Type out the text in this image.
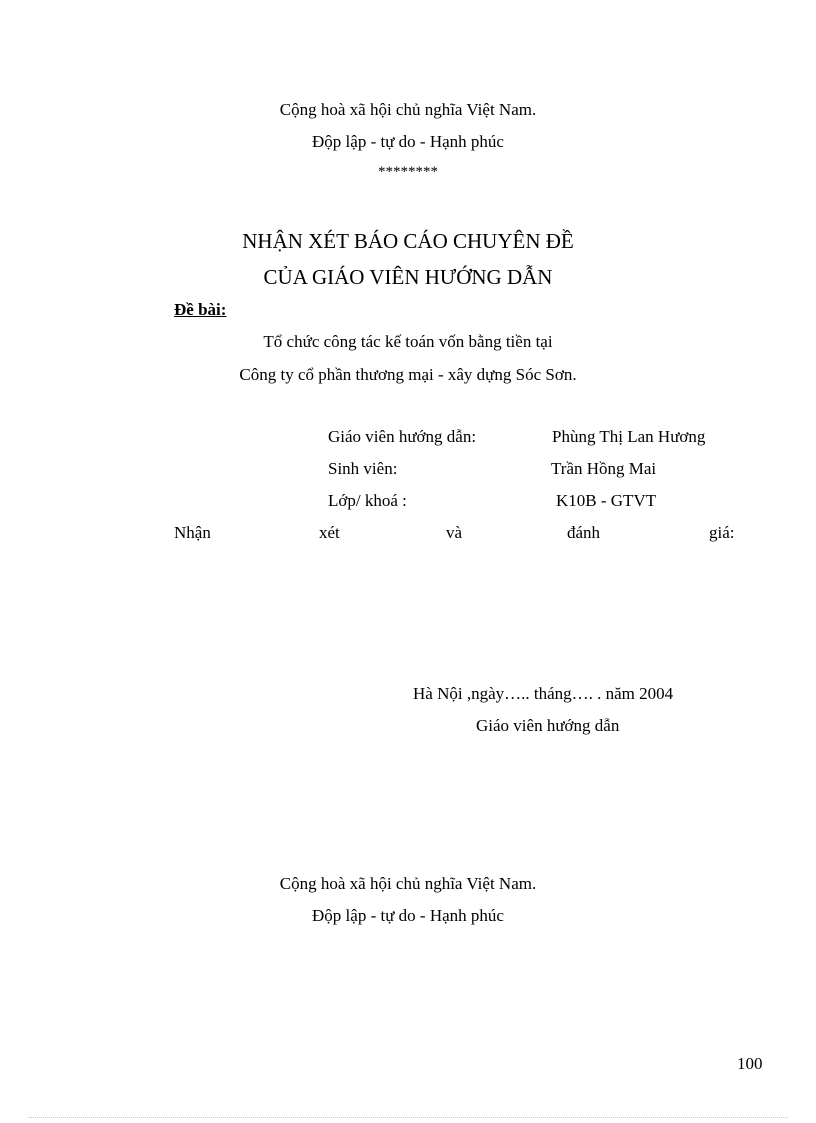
Cộng hoà xã hội chủ nghĩa Việt Nam.
Độp lập - tự do - Hạnh phúc
********
NHẬN XÉT BÁO CÁO CHUYÊN ĐỀ
CỦA GIÁO VIÊN HƯỚNG DẪN
Đề bài:
Tổ chức công tác kế toán vốn bằng tiền tại
Công ty cổ phần thương mại - xây dựng Sóc Sơn.
Giáo viên hướng dẫn:	Phùng Thị Lan Hương
Sinh viên:	Trần Hồng Mai
Lớp/ khoá :	K10B - GTVT
Nhận	xét	và	đánh	giá:
Hà Nội ,ngày….. tháng…. . năm 2004
Giáo viên hướng dẫn
Cộng hoà xã hội chủ nghĩa Việt Nam.
Độp lập - tự do - Hạnh phúc
100
